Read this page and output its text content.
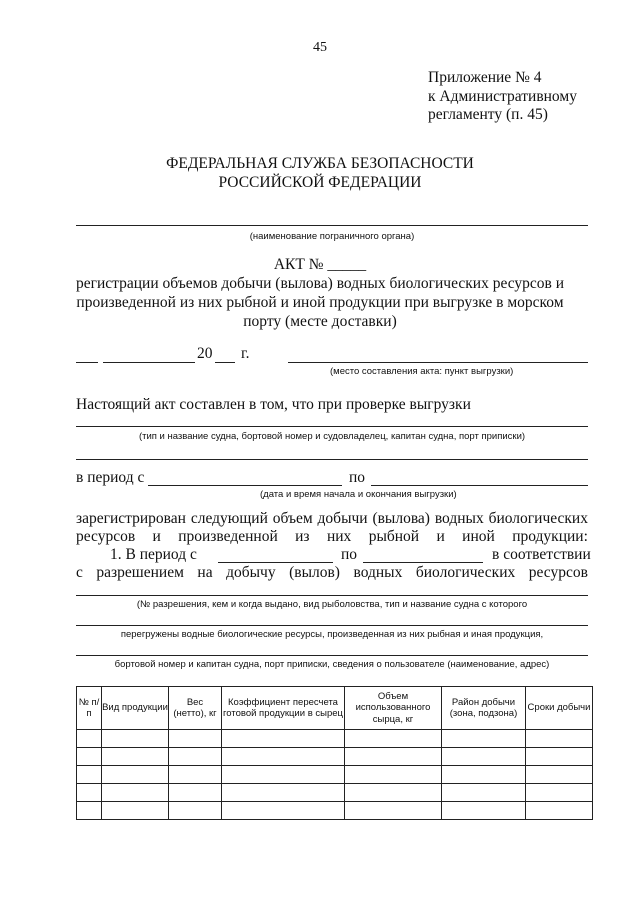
45
Приложение № 4
к Административному
регламенту (п. 45)
ФЕДЕРАЛЬНАЯ СЛУЖБА БЕЗОПАСНОСТИ
РОССИЙСКОЙ ФЕДЕРАЦИИ
(наименование пограничного органа)
АКТ № _____
регистрации объемов добычи (вылова) водных биологических ресурсов и
произведенной из них рыбной и иной продукции при выгрузке в морском
порту (месте доставки)
20 г.
(место составления акта: пункт выгрузки)
Настоящий акт составлен в том, что при проверке выгрузки
(тип и название судна, бортовой номер и судовладелец, капитан судна, порт приписки)
в период с	по
(дата и время начала и окончания выгрузки)
зарегистрирован следующий объем добычи (вылова) водных биологических
ресурсов и произведенной из них рыбной и иной продукции:
1. В период с	по	в соответствии
с разрешением на добычу (вылов) водных биологических ресурсов
(№ разрешения, кем и когда выдано, вид рыболовства, тип и название судна с которого
перегружены водные биологические ресурсы, произведенная из них рыбная и иная продукция,
бортовой номер и капитан судна, порт приписки, сведения о пользователе (наименование, адрес)
№ п/п	Вид продукции	Вес (нетто), кг	Коэффициент пересчета готовой продукции в сырец	Объем использованного сырца, кг	Район добычи (зона, подзона)	Сроки добычи
